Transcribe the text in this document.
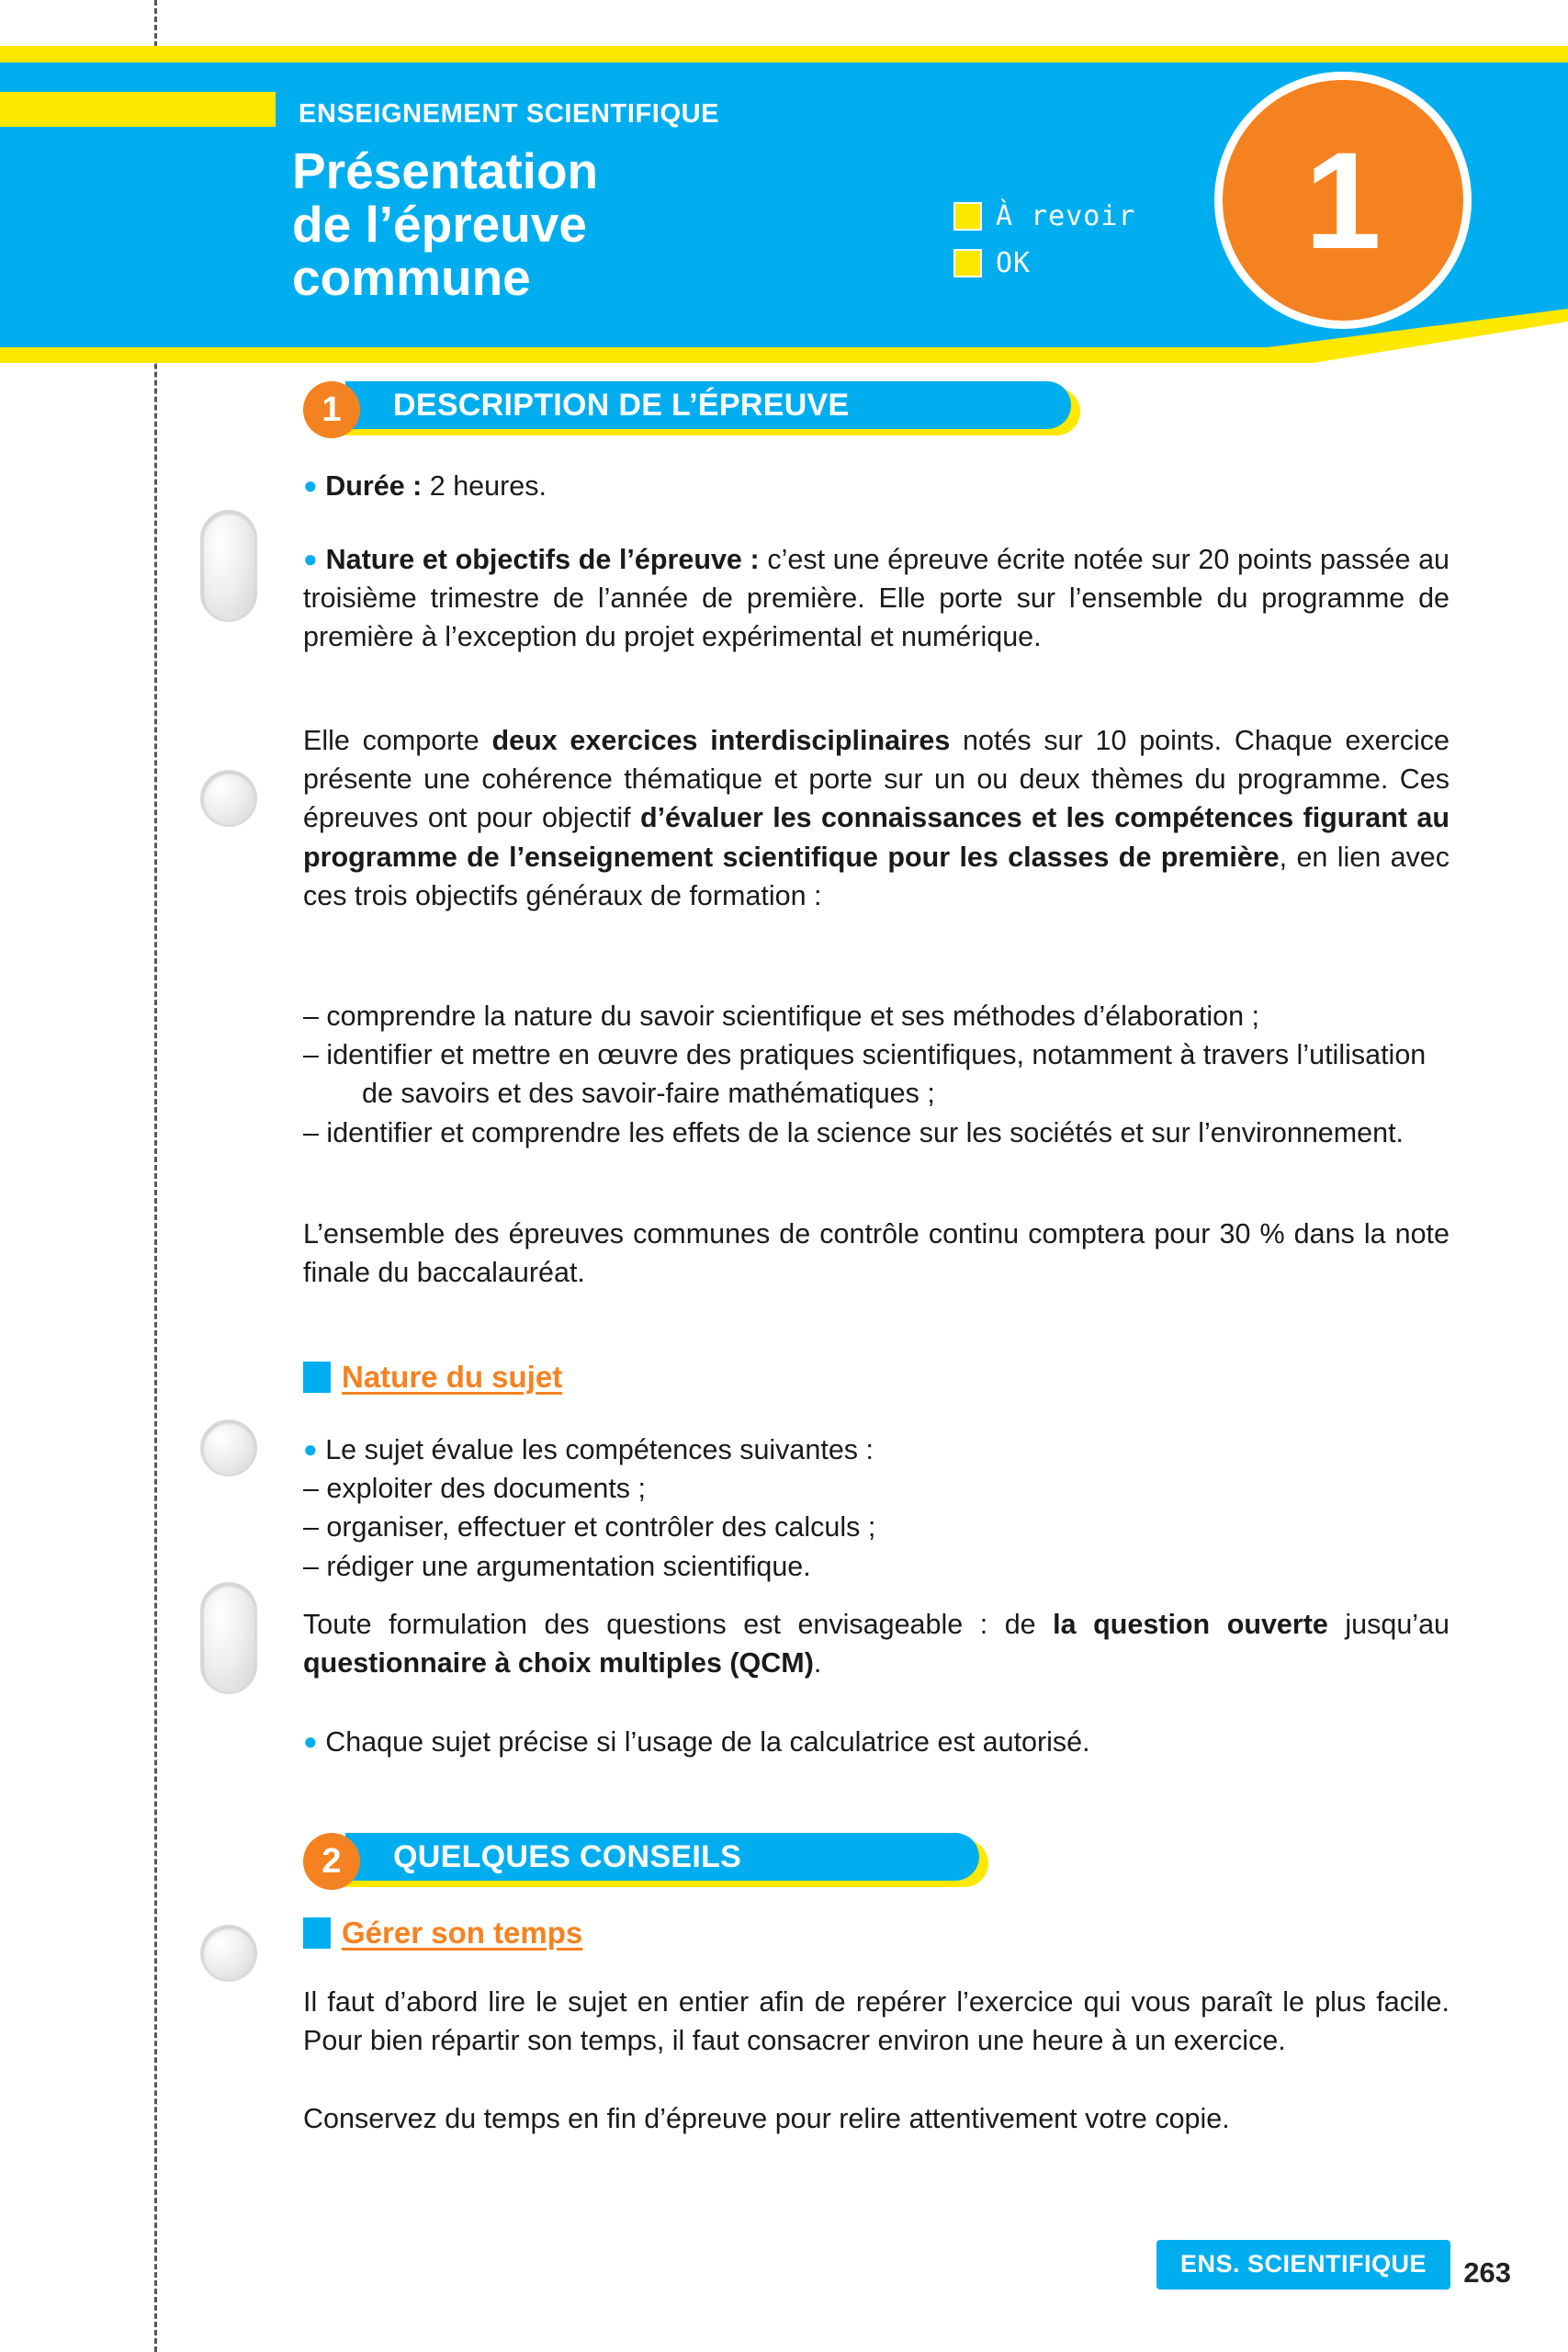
ENSEIGNEMENT SCIENTIFIQUE
Présentation
de l’épreuve
commune
À revoir
OK 1
DESCRIPTION DE L’ÉPREUVE
1
● Durée : 2 heures.
● Nature et objectifs de l’épreuve : c’est une épreuve écrite notée sur 20 points passée au troisième trimestre de l’année de première. Elle porte sur l’ensemble du programme de première à l’exception du projet expérimental et numérique.
Elle comporte deux exercices interdisciplinaires notés sur 10 points. Chaque exercice présente une cohérence thématique et porte sur un ou deux thèmes du programme. Ces épreuves ont pour objectif d’évaluer les connaissances et les compétences figurant au programme de l’enseignement scientifique pour les classes de première, en lien avec ces trois objectifs généraux de formation :
– comprendre la nature du savoir scientifique et ses méthodes d’élaboration ;
– identifier et mettre en œuvre des pratiques scientifiques, notamment à travers l’utilisation de savoirs et des savoir-faire mathématiques ;
– identifier et comprendre les effets de la science sur les sociétés et sur l’environnement.
L’ensemble des épreuves communes de contrôle continu comptera pour 30 % dans la note finale du baccalauréat.
Nature du sujet
● Le sujet évalue les compétences suivantes :
– exploiter des documents ;
– organiser, effectuer et contrôler des calculs ;
– rédiger une argumentation scientifique.
Toute formulation des questions est envisageable : de la question ouverte jusqu’au questionnaire à choix multiples (QCM).
● Chaque sujet précise si l’usage de la calculatrice est autorisé.
QUELQUES CONSEILS
2
Gérer son temps
Il faut d’abord lire le sujet en entier afin de repérer l’exercice qui vous paraît le plus facile. Pour bien répartir son temps, il faut consacrer environ une heure à un exercice.
Conservez du temps en fin d’épreuve pour relire attentivement votre copie.
ENS. SCIENTIFIQUE	263
